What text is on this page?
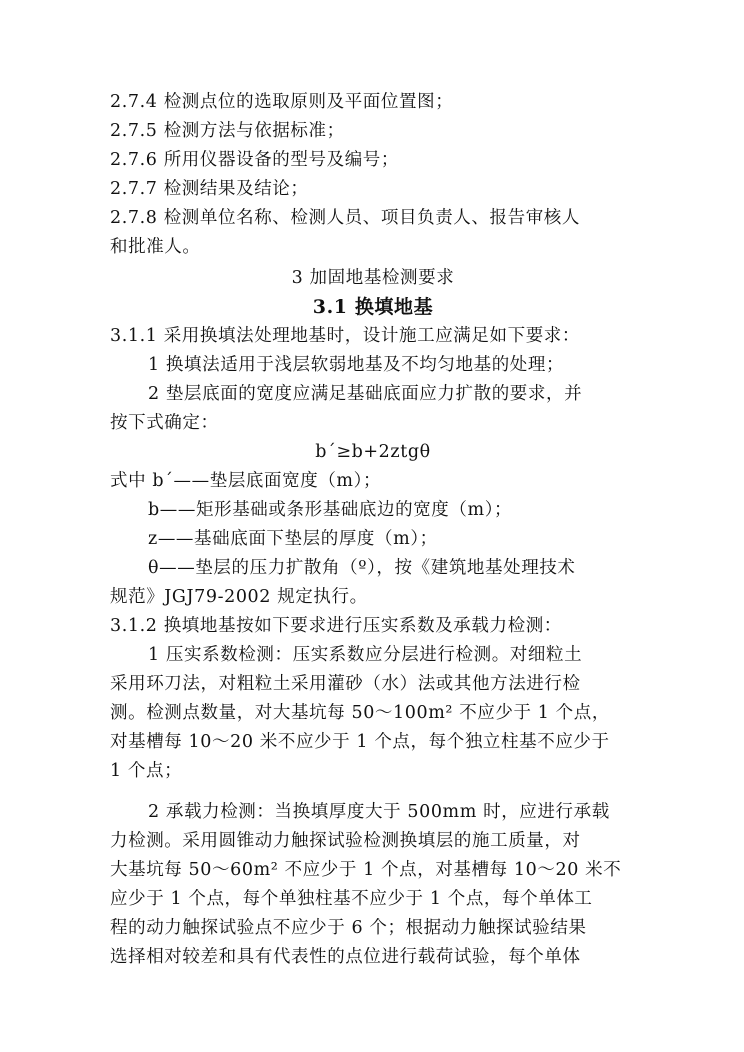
2.7.4 检测点位的选取原则及平面位置图；
2.7.5 检测方法与依据标准；
2.7.6 所用仪器设备的型号及编号；
2.7.7 检测结果及结论；
2.7.8 检测单位名称、检测人员、项目负责人、报告审核人
和批准人。
3 加固地基检测要求
3.1 换填地基
3.1.1 采用换填法处理地基时，设计施工应满足如下要求：
1 换填法适用于浅层软弱地基及不均匀地基的处理；
2 垫层底面的宽度应满足基础底面应力扩散的要求，并
按下式确定：
b´≥b+2ztgθ
式中 b´——垫层底面宽度（m）；
b——矩形基础或条形基础底边的宽度（m）；
z——基础底面下垫层的厚度（m）；
θ——垫层的压力扩散角（º），按《建筑地基处理技术
规范》JGJ79-2002 规定执行。
3.1.2 换填地基按如下要求进行压实系数及承载力检测：
1 压实系数检测：压实系数应分层进行检测。对细粒土
采用环刀法，对粗粒土采用灌砂（水）法或其他方法进行检
测。检测点数量，对大基坑每 50～100m² 不应少于 1 个点，
对基槽每 10～20 米不应少于 1 个点，每个独立柱基不应少于
1 个点；
2 承载力检测：当换填厚度大于 500mm 时，应进行承载
力检测。采用圆锥动力触探试验检测换填层的施工质量，对
大基坑每 50～60m² 不应少于 1 个点，对基槽每 10～20 米不
应少于 1 个点，每个单独柱基不应少于 1 个点，每个单体工
程的动力触探试验点不应少于 6 个；根据动力触探试验结果
选择相对较差和具有代表性的点位进行载荷试验，每个单体
